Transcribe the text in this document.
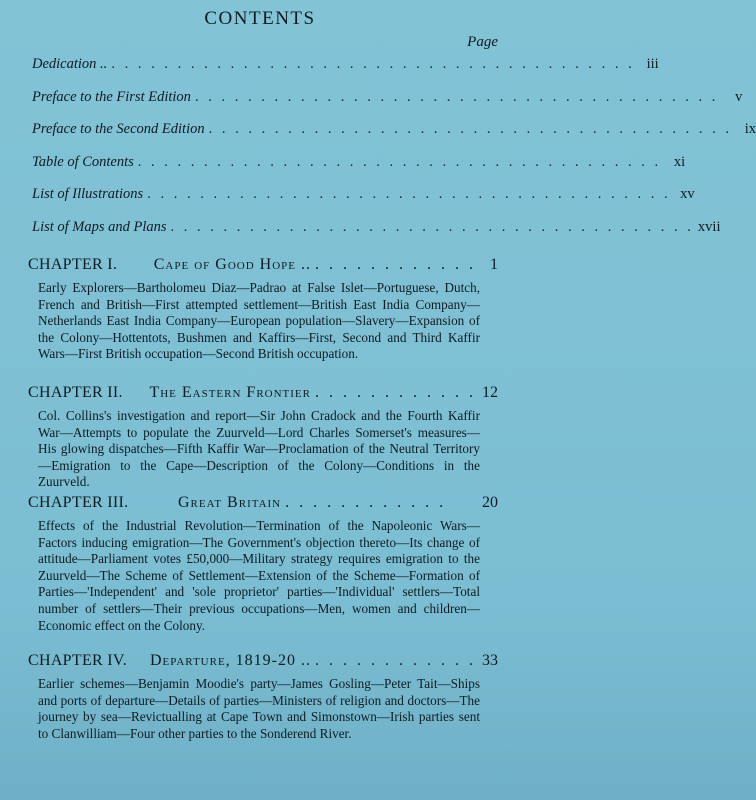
CONTENTS
Page
Dedication .. . . . . . . . . . . . . . . . . . . . . . . . . . . . . . . . . . . . . . . . . iii
Preface to the First Edition . . . . . . . . . . . . . . . . . . . . . . . . . . . . . . . . . . . . . . . .	v
Preface to the Second Edition . . . . . . . . . . . . . . . . . . . . . . . . . . . . . . . . . . . . . . . . ix
Table of Contents . . . . . . . . . . . . . . . . . . . . . . . . . . . . . . . . . . . . . . . . xi
List of Illustrations . . . . . . . . . . . . . . . . . . . . . . . . . . . . . . . . . . . . . . . . xv
List of Maps and Plans . . . . . . . . . . . . . . . . . . . . . . . . . . . . . . . . . . . . . . . . xvii
CHAPTER I.	Cape of Good Hope .. . . . . . . . . . . . . 1
Early Explorers—Bartholomeu Diaz—Padrao at False Islet—Portuguese, Dutch, French and British—First attempted settlement—British East India Company—Netherlands East India Company—European population—Slavery—Expansion of the Colony—Hottentots, Bushmen and Kaffirs—First, Second and Third Kaffir Wars—First British occupation—Second British occupation.
CHAPTER II.	The Eastern Frontier . . . . . . . . . . . . 12
Col. Collins's investigation and report—Sir John Cradock and the Fourth Kaffir War—Attempts to populate the Zuurveld—Lord Charles Somerset's measures—His glowing dispatches—Fifth Kaffir War—Proclamation of the Neutral Territory—Emigration to the Cape—Description of the Colony—Conditions in the Zuurveld.
CHAPTER III.	Great Britain . . . . . . . . . . . .	20
Effects of the Industrial Revolution—Termination of the Napoleonic Wars—Factors inducing emigration—The Government's objection thereto—Its change of attitude—Parliament votes £50,000—Military strategy requires emigration to the Zuurveld—The Scheme of Settlement—Extension of the Scheme—Formation of Parties—'Independent' and 'sole proprietor' parties—'Individual' settlers—Total number of settlers—Their previous occupations—Men, women and children—Economic effect on the Colony.
CHAPTER IV.	Departure, 1819-20 .. . . . . . . . . . . . . 33
Earlier schemes—Benjamin Moodie's party—James Gosling—Peter Tait—Ships and ports of departure—Details of parties—Ministers of religion and doctors—The journey by sea—Revictualling at Cape Town and Simonstown—Irish parties sent to Clanwilliam—Four other parties to the Sonderend River.
